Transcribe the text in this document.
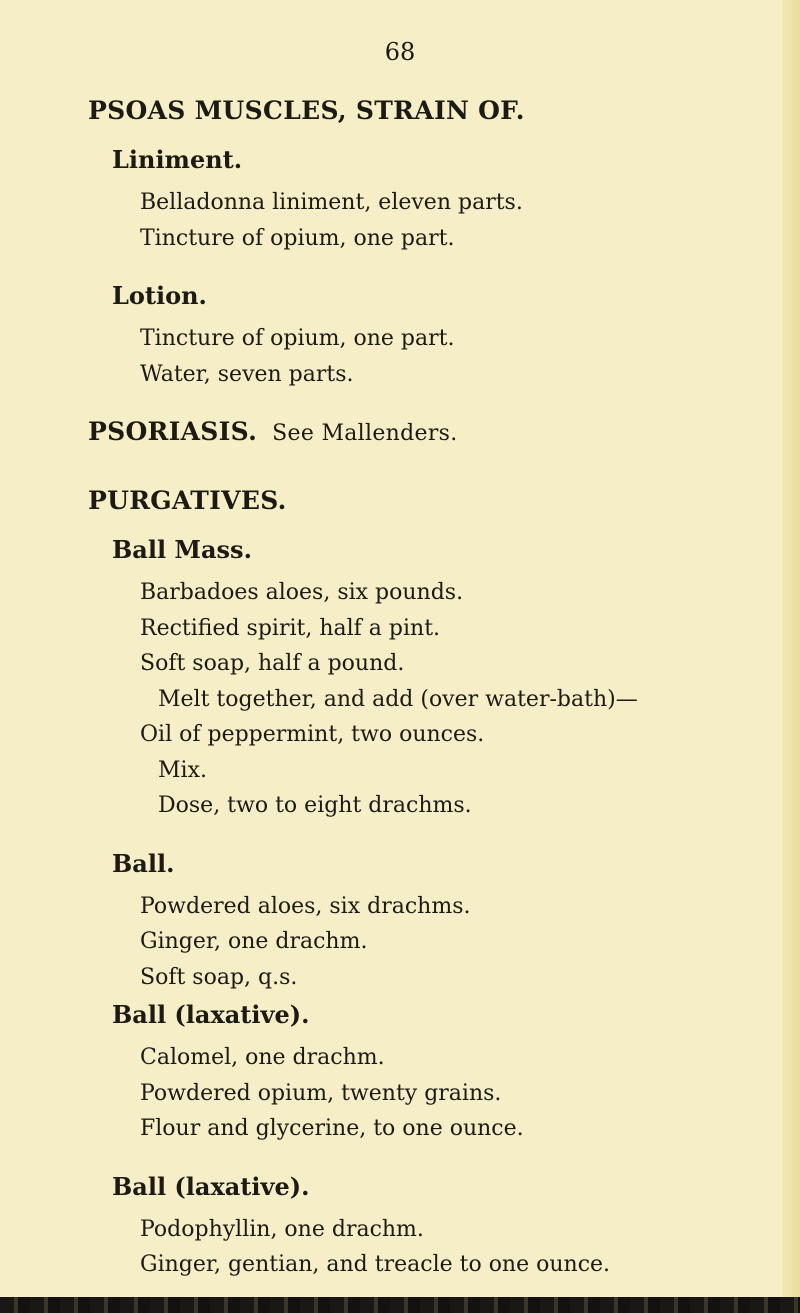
68
PSOAS MUSCLES, STRAIN OF.
Liniment.
Belladonna liniment, eleven parts.
Tincture of opium, one part.
Lotion.
Tincture of opium, one part.
Water, seven parts.
PSORIASIS. See Mallenders.
PURGATIVES.
Ball Mass.
Barbadoes aloes, six pounds.
Rectified spirit, half a pint.
Soft soap, half a pound.
Melt together, and add (over water-bath)—
Oil of peppermint, two ounces.
Mix.
Dose, two to eight drachms.
Ball.
Powdered aloes, six drachms.
Ginger, one drachm.
Soft soap, q.s.
Ball (laxative).
Calomel, one drachm.
Powdered opium, twenty grains.
Flour and glycerine, to one ounce.
Ball (laxative).
Podophyllin, one drachm.
Ginger, gentian, and treacle to one ounce.
